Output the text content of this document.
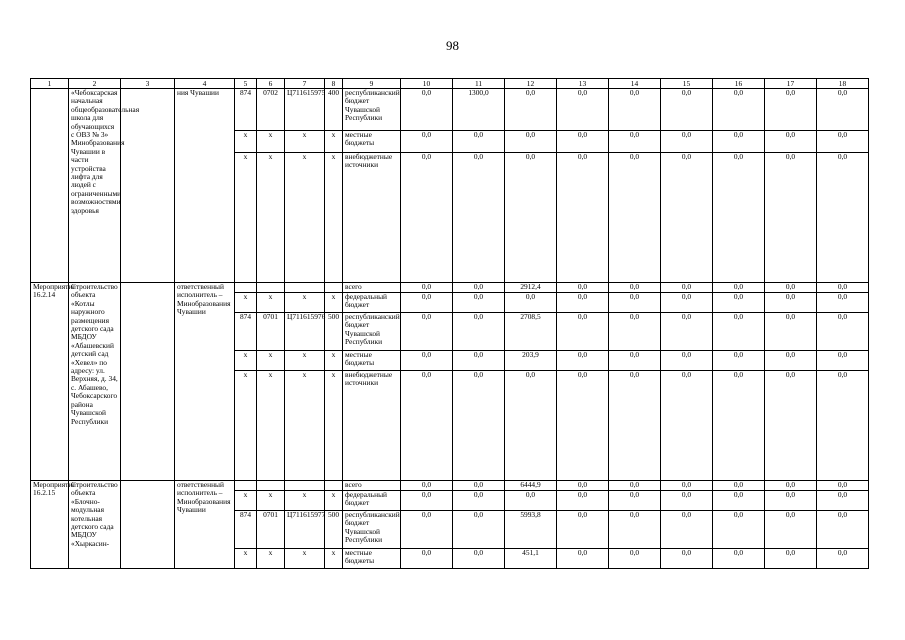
98
1	2	3	4	5	6	7	8	9	10	11	12	13	14	15	16	17	18
	«Чебоксарская начальная общеобразовательная школа для обучающихся с ОВЗ № 3» Минобразования Чувашии в части устройства лифта для людей с ограниченными возможностями здоровья		ния Чувашии	874	0702	Ц711615975	400	республиканский бюджет Чувашской Республики	0,0	1300,0	0,0	0,0	0,0	0,0	0,0	0,0	0,0
				x	x	x	x	местные бюджеты	0,0	0,0	0,0	0,0	0,0	0,0	0,0	0,0	0,0
				x	x	x	x	внебюджетные источники	0,0	0,0	0,0	0,0	0,0	0,0	0,0	0,0	0,0
Мероприятие 16.2.14	Строительство объекта «Котлы наружного размещения детского сада МБДОУ «Абашевский детский сад «Хевел» по адресу: ул. Верхняя, д. 34, с. Абашево, Чебоксарского района Чувашской Республики		ответственный исполнитель – Минобразования Чувашии					всего	0,0	0,0	2912,4	0,0	0,0	0,0	0,0	0,0	0,0
				x	x	x	x	федеральный бюджет	0,0	0,0	0,0	0,0	0,0	0,0	0,0	0,0	0,0
				874	0701	Ц711615976	500	республиканский бюджет Чувашской Республики	0,0	0,0	2708,5	0,0	0,0	0,0	0,0	0,0	0,0
				x	x	x	x	местные бюджеты	0,0	0,0	203,9	0,0	0,0	0,0	0,0	0,0	0,0
				x	x	x	x	внебюджетные источники	0,0	0,0	0,0	0,0	0,0	0,0	0,0	0,0	0,0
Мероприятие 16.2.15	Строительство объекта «Блочно-модульная котельная детского сада МБДОУ «Хыркасин-		ответственный исполнитель – Минобразования Чувашии					всего	0,0	0,0	6444,9	0,0	0,0	0,0	0,0	0,0	0,0
				x	x	x	x	федеральный бюджет	0,0	0,0	0,0	0,0	0,0	0,0	0,0	0,0	0,0
				874	0701	Ц711615977	500	республиканский бюджет Чувашской Республики	0,0	0,0	5993,8	0,0	0,0	0,0	0,0	0,0	0,0
				x	x	x	x	местные бюджеты	0,0	0,0	451,1	0,0	0,0	0,0	0,0	0,0	0,0
